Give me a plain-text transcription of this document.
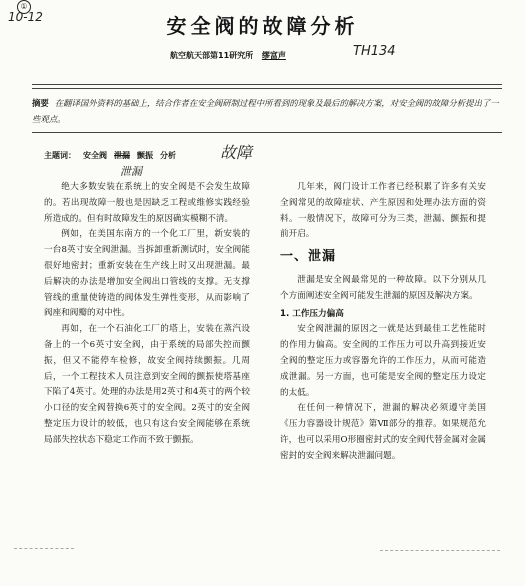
①
10-12	安全阀的故障分析
航空航天部第11研究所 缪富声	TH134
摘要 在翻译国外资料的基础上，结合作者在安全阀研制过程中所看到的现象及最后的解决方案，对安全阀的故障分析提出了一些观点。
主题词： 安全阀 泄漏 颤振 分析
泄漏
故障

绝大多数安装在系统上的安全阀是不会发生故障的。若出现故障一般也是因缺乏工程或维修实践经验所造成的。但有时故障发生的原因确实模糊不清。

例如，在美国东南方的一个化工厂里，新安装的一台8英寸安全阀泄漏。当拆卸重新测试时，安全阀能很好地密封；重新安装在生产线上时又出现泄漏。最后解决的办法是增加安全阀出口管线的支撑。无支撑管线的重量使铸造的阀体发生弹性变形，从而影响了阀座和阀瓣的对中性。

再如，在一个石油化工厂的塔上，安装在蒸汽设备上的一个6英寸安全阀，由于系统的局部失控而颤振，但又不能停车检修，故安全阀持续颤振。几周后，一个工程技术人员注意到安全阀的颤振使塔基座下陷了4英寸。处理的办法是用2英寸和4英寸的两个较小口径的安全阀替换6英寸的安全阀。2英寸的安全阀整定压力设计的较低，也只有这台安全阀能够在系统局部失控状态下稳定工作而不致于颤振。

几年来，阀门设计工作者已经积累了许多有关安全阀常见的故障症状、产生原因和处理办法方面的资料。一般情况下，故障可分为三类，泄漏、颤振和提前开启。

一、泄漏

泄漏是安全阀最常见的一种故障。以下分别从几个方面阐述安全阀可能发生泄漏的原因及解决方案。

1. 工作压力偏高

安全阀泄漏的原因之一就是达到最佳工艺性能时的作用力偏高。安全阀的工作压力可以升高到接近安全阀的整定压力或容器允许的工作压力，从而可能造成泄漏。另一方面，也可能是安全阀的整定压力设定的太低。

在任何一种情况下，泄漏的解决必须遵守美国《压力容器设计规范》第Ⅶ部分的推荐。如果规范允许，也可以采用O形圈密封式的安全阀代替金属对金属密封的安全阀来解决泄漏问题。
